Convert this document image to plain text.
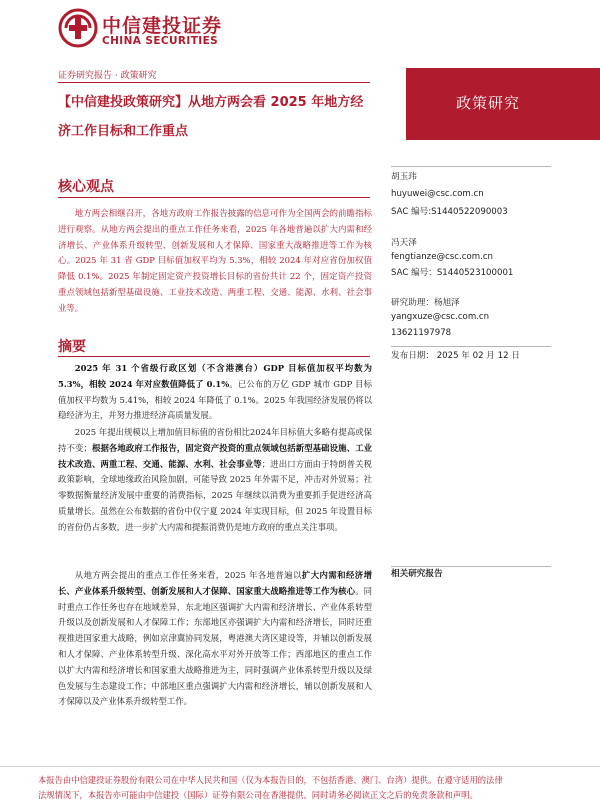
中信建投证券
CHINA SECURITIES
证券研究报告 · 政策研究
【中信建投政策研究】从地方两会看 2025 年地方经济工作目标和工作重点
政策研究
核心观点
地方两会相继召开，各地方政府工作报告披露的信息可作为全国两会的前瞻指标进行观察。从地方两会提出的重点工作任务来看，2025 年各地普遍以扩大内需和经济增长、产业体系升级转型、创新发展和人才保障、国家重大战略推进等工作为核心。2025 年 31 省 GDP 目标值加权平均为 5.3%，相较 2024 年对应省份加权值降低 0.1%。2025 年制定固定资产投资增长目标的省份共计 22 个，固定资产投资重点领域包括新型基础设施、工业技术改造、两重工程、交通、能源、水利、社会事业等。
摘要
2025 年 31 个省级行政区划（不含港澳台）GDP 目标值加权平均数为 5.3%，相较 2024 年对应数值降低了 0.1%。已公布的万亿 GDP 城市 GDP 目标值加权平均数为 5.41%，相较 2024 年降低了 0.1%。2025 年我国经济发展仍将以稳经济为主，并努力推进经济高质量发展。
2025 年提出规模以上增加值目标值的省份相比2024年目标值大多略有提高或保持不变；根据各地政府工作报告，固定资产投资的重点领域包括新型基础设施、工业技术改造、两重工程、交通、能源、水利、社会事业等；进出口方面由于特朗普关税政策影响，全球地缘政治风险加剧，可能导致 2025 年外需不足，冲击对外贸易；社零数据衡量经济发展中重要的消费指标，2025 年继续以消费为重要抓手促进经济高质量增长。虽然在公布数据的省份中仅宁夏 2024 年实现目标，但 2025 年设置目标的省份仍占多数，进一步扩大内需和提振消费仍是地方政府的重点关注事项。
从地方两会提出的重点工作任务来看，2025 年各地普遍以扩大内需和经济增长、产业体系升级转型、创新发展和人才保障、国家重大战略推进等工作为核心。同时重点工作任务也存在地域差异，东北地区强调扩大内需和经济增长、产业体系转型升级以及创新发展和人才保障工作；东部地区亦强调扩大内需和经济增长，同时还重视推进国家重大战略，例如京津冀协同发展，粤港澳大湾区建设等，并辅以创新发展和人才保障、产业体系转型升级、深化高水平对外开放等工作；西部地区的重点工作以扩大内需和经济增长和国家重大战略推进为主，同时强调产业体系转型升级以及绿色发展与生态建设工作；中部地区重点强调扩大内需和经济增长，辅以创新发展和人才保障以及产业体系升级转型工作。
胡玉玮
huyuwei@csc.com.cn
SAC 编号:S1440522090003
冯天泽
fengtianze@csc.com.cn
SAC 编号：S1440523100001
研究助理：杨旭泽
yangxuze@csc.com.cn
13621197978
发布日期： 2025 年 02 月 12 日
相关研究报告
本报告由中信建投证券股份有限公司在中华人民共和国（仅为本报告目的，不包括香港、澳门、台湾）提供。在遵守适用的法律
法规情况下，本报告亦可能由中信建投（国际）证券有限公司在香港提供。同时请务必阅读正文之后的免责条款和声明。
